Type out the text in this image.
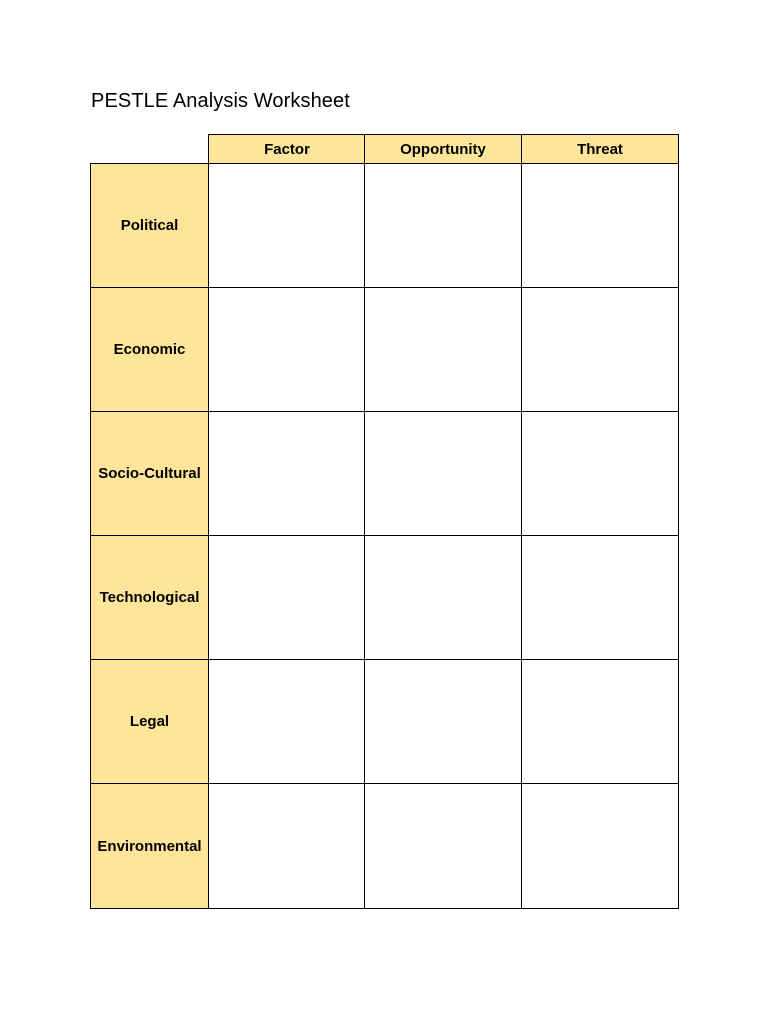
PESTLE Analysis Worksheet
Factor	Opportunity	Threat
Political
Economic
Socio-Cultural
Technological
Legal
Environmental
